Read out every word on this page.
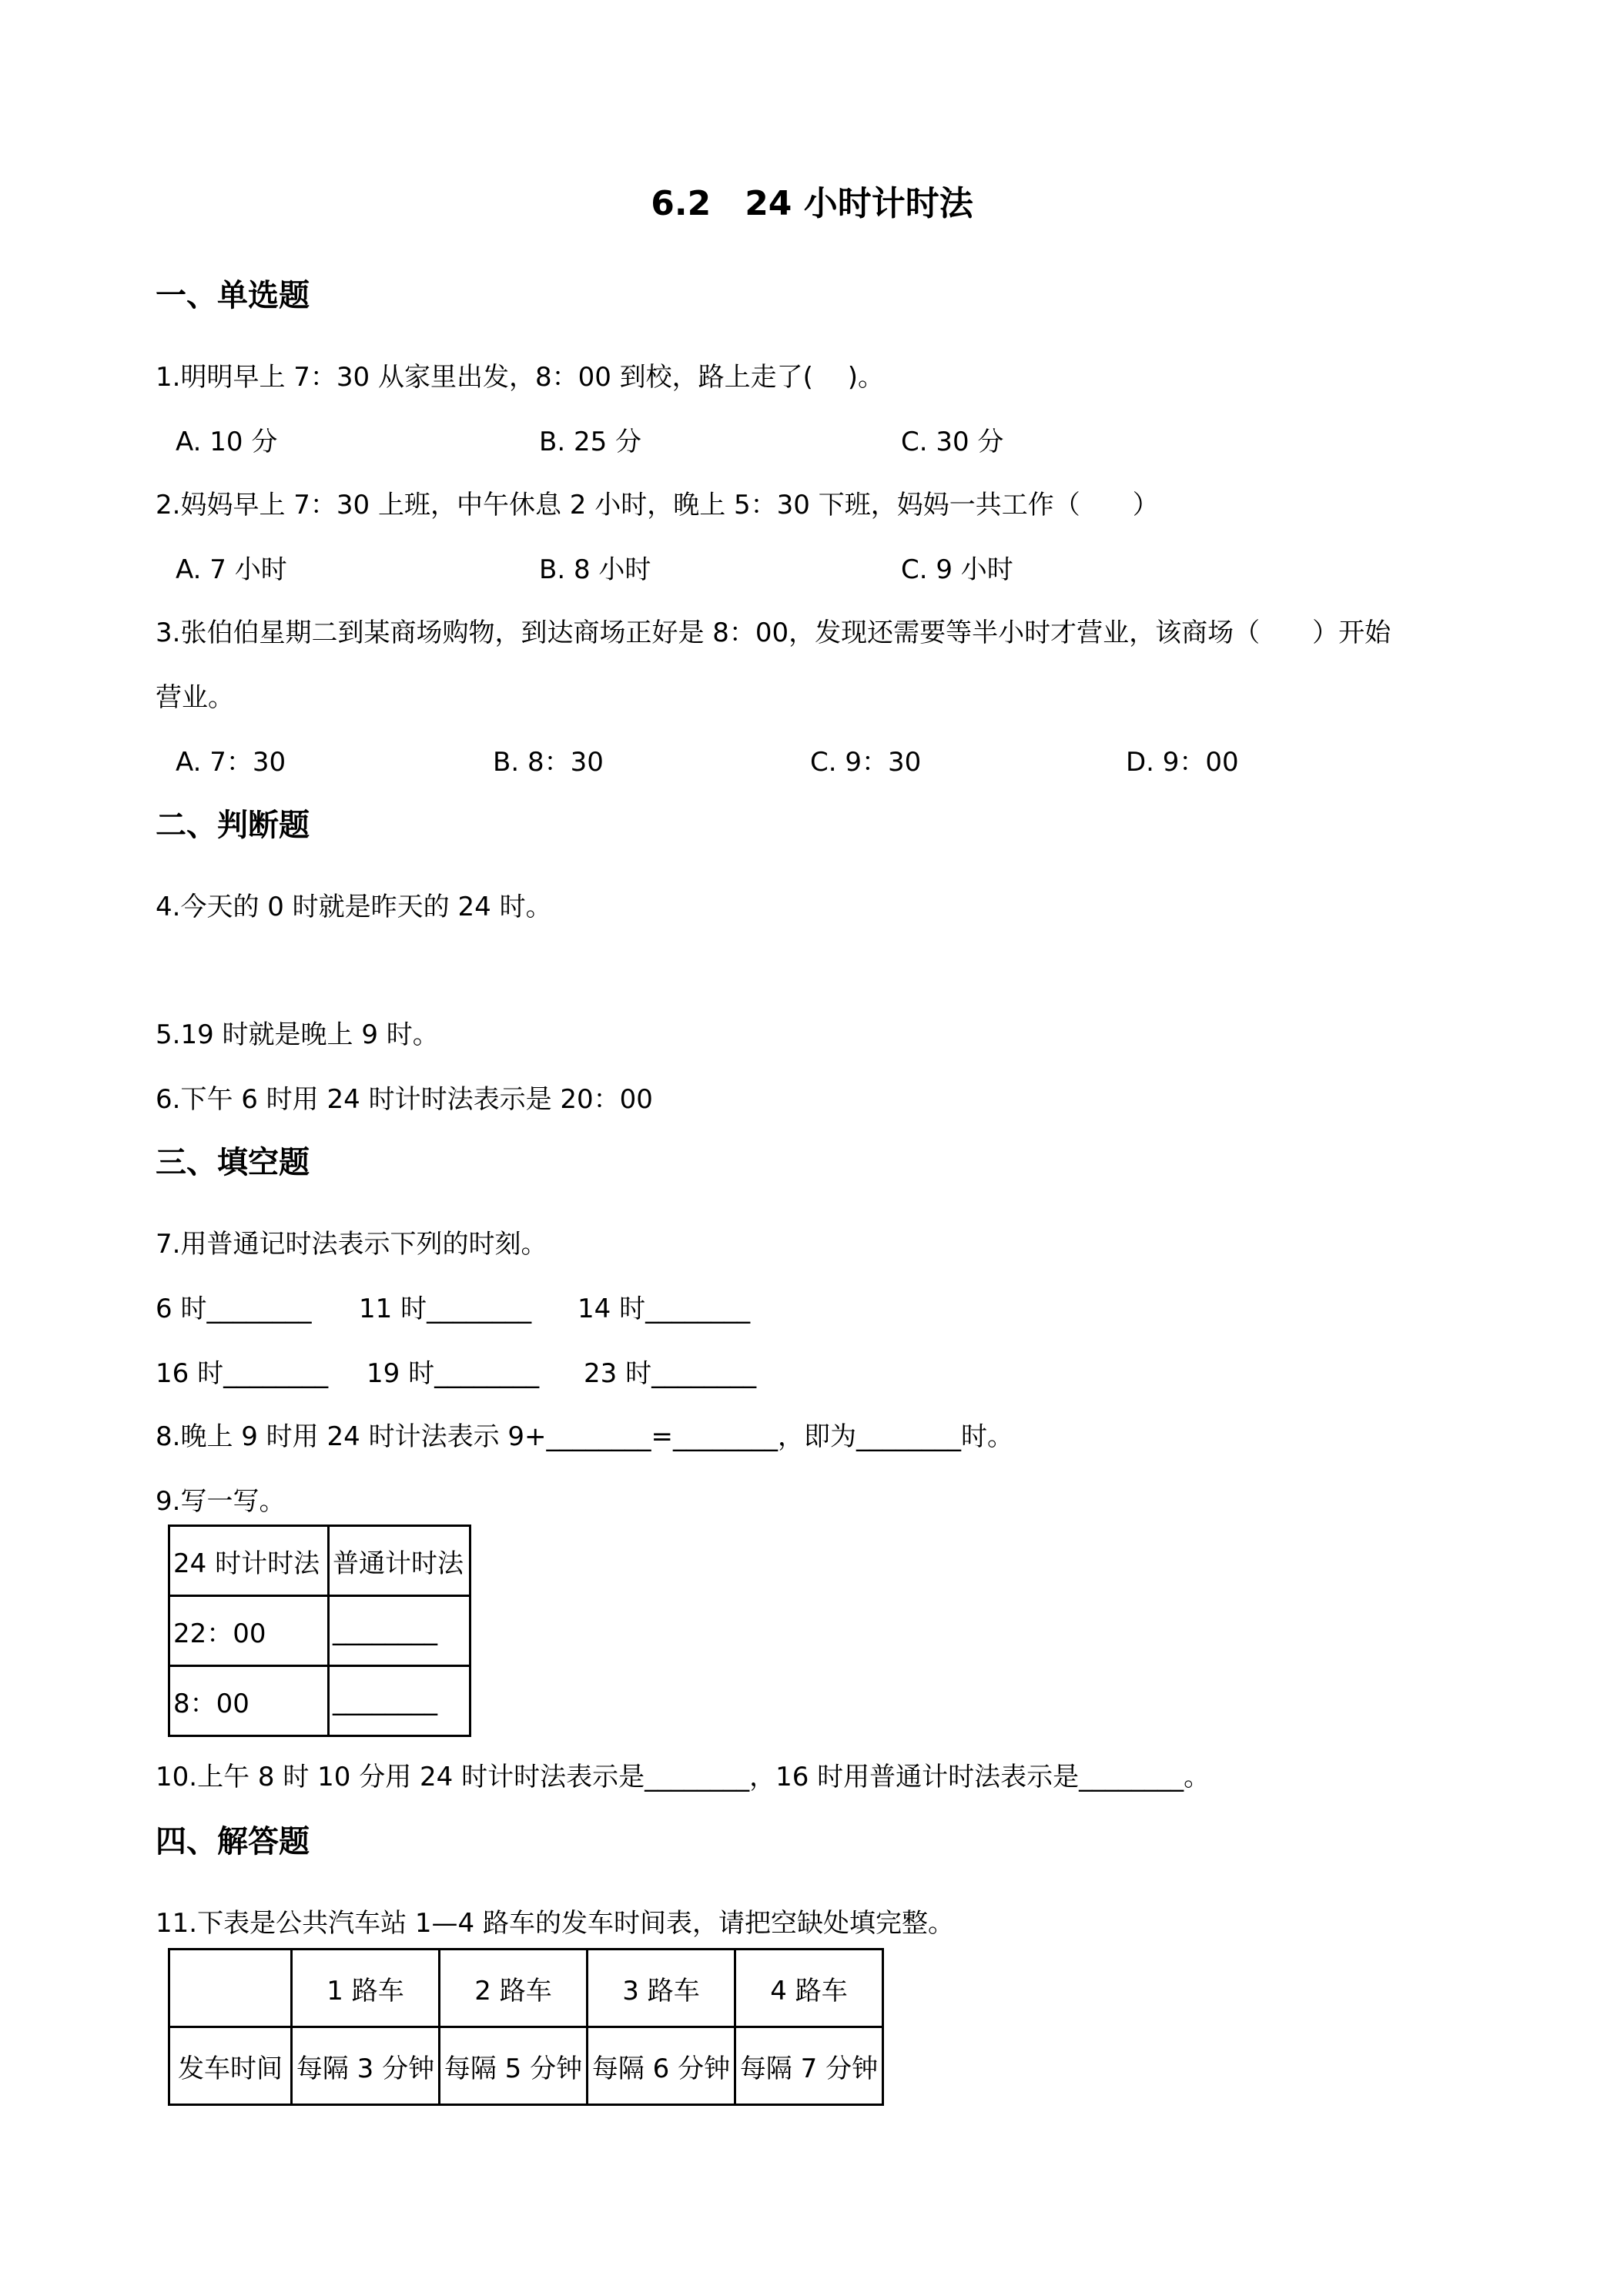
6.2　24 小时计时法
一、单选题
1.明明早上 7：30 从家里出发，8：00 到校，路上走了(　 )。
A. 10 分	B. 25 分	C. 30 分
2.妈妈早上 7：30 上班，中午休息 2 小时，晚上 5：30 下班，妈妈一共工作（　　）
A. 7 小时	B. 8 小时	C. 9 小时
3.张伯伯星期二到某商场购物，到达商场正好是 8：00，发现还需要等半小时才营业，该商场（　　）开始
营业。
A. 7：30	B. 8：30	C. 9：30	D. 9：00
二、判断题
4.今天的 0 时就是昨天的 24 时。
5.19 时就是晚上 9 时。
6.下午 6 时用 24 时计时法表示是 20：00
三、填空题
7.用普通记时法表示下列的时刻。
6 时________ 11 时________ 14 时________
16 时________ 19 时________ 23 时________
8.晚上 9 时用 24 时计法表示 9+________=________，即为________时。
9.写一写。
24 时计时法	普通计时法
22：00	________
8：00	________
10.上午 8 时 10 分用 24 时计时法表示是________，16 时用普通计时法表示是________。
四、解答题
11.下表是公共汽车站 1—4 路车的发车时间表，请把空缺处填完整。
	1 路车	2 路车	3 路车	4 路车
发车时间	每隔 3 分钟	每隔 5 分钟	每隔 6 分钟	每隔 7 分钟
